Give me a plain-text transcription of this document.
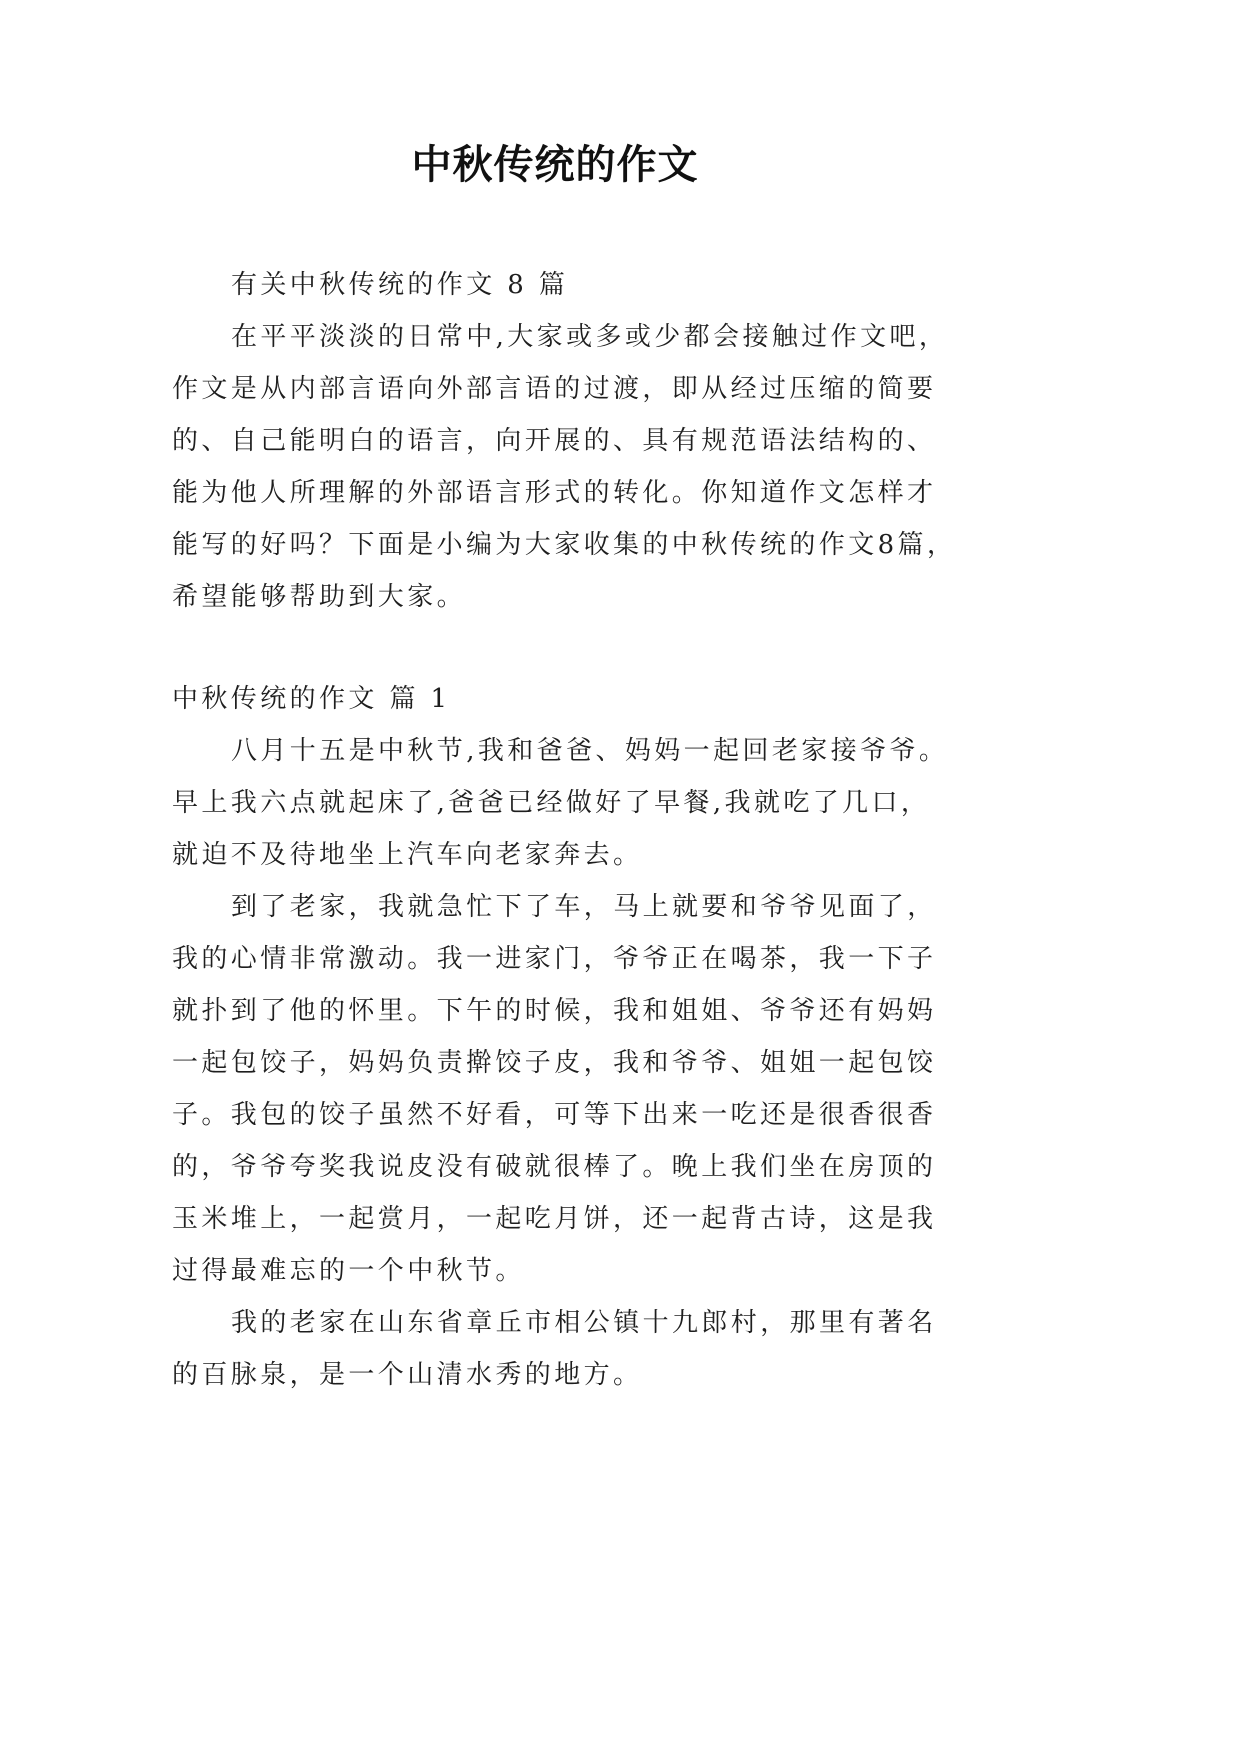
中秋传统的作文
有关中秋传统的作文 8 篇
在平平淡淡的日常中,大家或多或少都会接触过作文吧，
作文是从内部言语向外部言语的过渡，即从经过压缩的简要
的、自己能明白的语言，向开展的、具有规范语法结构的、
能为他人所理解的外部语言形式的转化。你知道作文怎样才
能写的好吗？下面是小编为大家收集的中秋传统的作文8篇，
希望能够帮助到大家。
中秋传统的作文 篇 1
八月十五是中秋节,我和爸爸、妈妈一起回老家接爷爷。
早上我六点就起床了,爸爸已经做好了早餐,我就吃了几口，
就迫不及待地坐上汽车向老家奔去。
到了老家，我就急忙下了车，马上就要和爷爷见面了，
我的心情非常激动。我一进家门，爷爷正在喝茶，我一下子
就扑到了他的怀里。下午的时候，我和姐姐、爷爷还有妈妈
一起包饺子，妈妈负责擀饺子皮，我和爷爷、姐姐一起包饺
子。我包的饺子虽然不好看，可等下出来一吃还是很香很香
的，爷爷夸奖我说皮没有破就很棒了。晚上我们坐在房顶的
玉米堆上，一起赏月，一起吃月饼，还一起背古诗，这是我
过得最难忘的一个中秋节。
我的老家在山东省章丘市相公镇十九郎村，那里有著名
的百脉泉，是一个山清水秀的地方。
